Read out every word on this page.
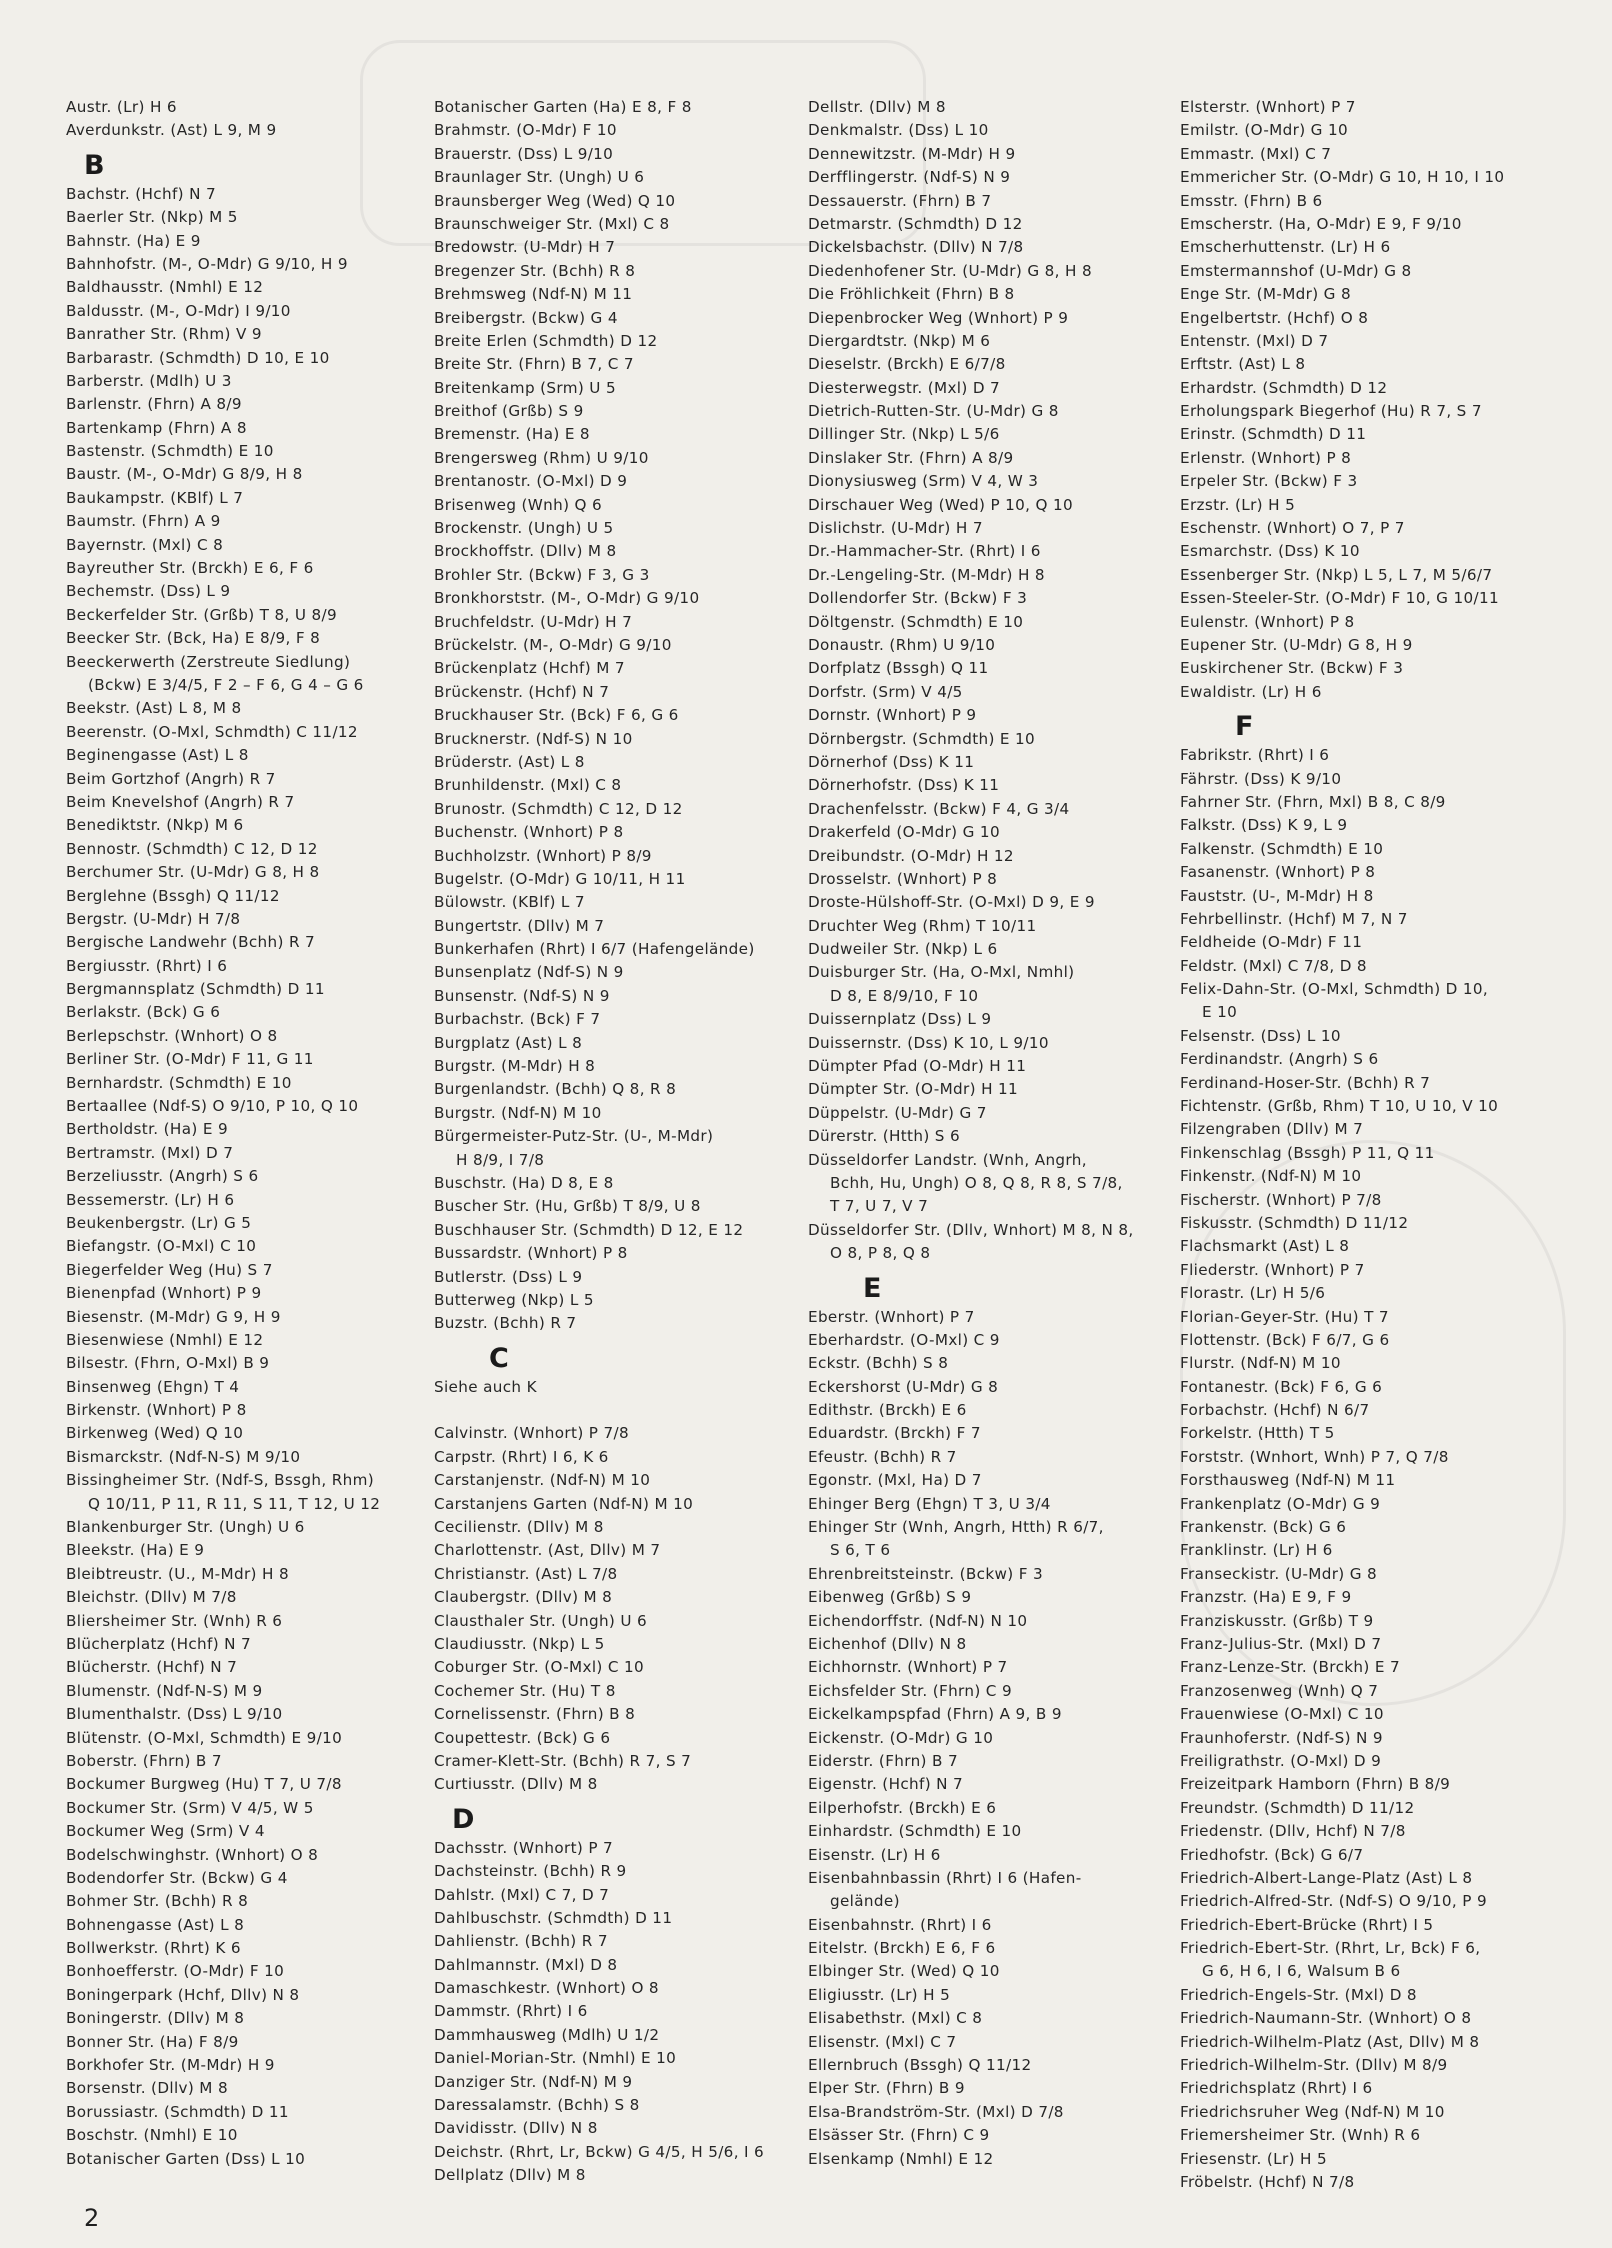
Austr. (Lr) H 6
Averdunkstr. (Ast) L 9, M 9
B
Bachstr. (Hchf) N 7
Baerler Str. (Nkp) M 5
Bahnstr. (Ha) E 9
Bahnhofstr. (M-, O-Mdr) G 9/10, H 9
Baldhausstr. (Nmhl) E 12
Baldusstr. (M-, O-Mdr) I 9/10
Banrather Str. (Rhm) V 9
Barbarastr. (Schmdth) D 10, E 10
Barberstr. (Mdlh) U 3
Barlenstr. (Fhrn) A 8/9
Bartenkamp (Fhrn) A 8
Bastenstr. (Schmdth) E 10
Baustr. (M-, O-Mdr) G 8/9, H 8
Baukampstr. (KBlf) L 7
Baumstr. (Fhrn) A 9
Bayernstr. (Mxl) C 8
Bayreuther Str. (Brckh) E 6, F 6
Bechemstr. (Dss) L 9
Beckerfelder Str. (Grßb) T 8, U 8/9
Beecker Str. (Bck, Ha) E 8/9, F 8
Beeckerwerth (Zerstreute Siedlung)
(Bckw) E 3/4/5, F 2 – F 6, G 4 – G 6
Beekstr. (Ast) L 8, M 8
Beerenstr. (O-Mxl, Schmdth) C 11/12
Beginengasse (Ast) L 8
Beim Gortzhof (Angrh) R 7
Beim Knevelshof (Angrh) R 7
Benediktstr. (Nkp) M 6
Bennostr. (Schmdth) C 12, D 12
Berchumer Str. (U-Mdr) G 8, H 8
Berglehne (Bssgh) Q 11/12
Bergstr. (U-Mdr) H 7/8
Bergische Landwehr (Bchh) R 7
Bergiusstr. (Rhrt) I 6
Bergmannsplatz (Schmdth) D 11
Berlakstr. (Bck) G 6
Berlepschstr. (Wnhort) O 8
Berliner Str. (O-Mdr) F 11, G 11
Bernhardstr. (Schmdth) E 10
Bertaallee (Ndf-S) O 9/10, P 10, Q 10
Bertholdstr. (Ha) E 9
Bertramstr. (Mxl) D 7
Berzeliusstr. (Angrh) S 6
Bessemerstr. (Lr) H 6
Beukenbergstr. (Lr) G 5
Biefangstr. (O-Mxl) C 10
Biegerfelder Weg (Hu) S 7
Bienenpfad (Wnhort) P 9
Biesenstr. (M-Mdr) G 9, H 9
Biesenwiese (Nmhl) E 12
Bilsestr. (Fhrn, O-Mxl) B 9
Binsenweg (Ehgn) T 4
Birkenstr. (Wnhort) P 8
Birkenweg (Wed) Q 10
Bismarckstr. (Ndf-N-S) M 9/10
Bissingheimer Str. (Ndf-S, Bssgh, Rhm)
Q 10/11, P 11, R 11, S 11, T 12, U 12
Blankenburger Str. (Ungh) U 6
Bleekstr. (Ha) E 9
Bleibtreustr. (U., M-Mdr) H 8
Bleichstr. (Dllv) M 7/8
Bliersheimer Str. (Wnh) R 6
Blücherplatz (Hchf) N 7
Blücherstr. (Hchf) N 7
Blumenstr. (Ndf-N-S) M 9
Blumenthalstr. (Dss) L 9/10
Blütenstr. (O-Mxl, Schmdth) E 9/10
Boberstr. (Fhrn) B 7
Bockumer Burgweg (Hu) T 7, U 7/8
Bockumer Str. (Srm) V 4/5, W 5
Bockumer Weg (Srm) V 4
Bodelschwinghstr. (Wnhort) O 8
Bodendorfer Str. (Bckw) G 4
Bohmer Str. (Bchh) R 8
Bohnengasse (Ast) L 8
Bollwerkstr. (Rhrt) K 6
Bonhoefferstr. (O-Mdr) F 10
Boningerpark (Hchf, Dllv) N 8
Boningerstr. (Dllv) M 8
Bonner Str. (Ha) F 8/9
Borkhofer Str. (M-Mdr) H 9
Borsenstr. (Dllv) M 8
Borussiastr. (Schmdth) D 11
Boschstr. (Nmhl) E 10
Botanischer Garten (Dss) L 10
Botanischer Garten (Ha) E 8, F 8
Brahmstr. (O-Mdr) F 10
Brauerstr. (Dss) L 9/10
Braunlager Str. (Ungh) U 6
Braunsberger Weg (Wed) Q 10
Braunschweiger Str. (Mxl) C 8
Bredowstr. (U-Mdr) H 7
Bregenzer Str. (Bchh) R 8
Brehmsweg (Ndf-N) M 11
Breibergstr. (Bckw) G 4
Breite Erlen (Schmdth) D 12
Breite Str. (Fhrn) B 7, C 7
Breitenkamp (Srm) U 5
Breithof (Grßb) S 9
Bremenstr. (Ha) E 8
Brengersweg (Rhm) U 9/10
Brentanostr. (O-Mxl) D 9
Brisenweg (Wnh) Q 6
Brockenstr. (Ungh) U 5
Brockhoffstr. (Dllv) M 8
Brohler Str. (Bckw) F 3, G 3
Bronkhorststr. (M-, O-Mdr) G 9/10
Bruchfeldstr. (U-Mdr) H 7
Brückelstr. (M-, O-Mdr) G 9/10
Brückenplatz (Hchf) M 7
Brückenstr. (Hchf) N 7
Bruckhauser Str. (Bck) F 6, G 6
Brucknerstr. (Ndf-S) N 10
Brüderstr. (Ast) L 8
Brunhildenstr. (Mxl) C 8
Brunostr. (Schmdth) C 12, D 12
Buchenstr. (Wnhort) P 8
Buchholzstr. (Wnhort) P 8/9
Bugelstr. (O-Mdr) G 10/11, H 11
Bülowstr. (KBlf) L 7
Bungertstr. (Dllv) M 7
Bunkerhafen (Rhrt) I 6/7 (Hafengelände)
Bunsenplatz (Ndf-S) N 9
Bunsenstr. (Ndf-S) N 9
Burbachstr. (Bck) F 7
Burgplatz (Ast) L 8
Burgstr. (M-Mdr) H 8
Burgenlandstr. (Bchh) Q 8, R 8
Burgstr. (Ndf-N) M 10
Bürgermeister-Putz-Str. (U-, M-Mdr)
H 8/9, I 7/8
Buschstr. (Ha) D 8, E 8
Buscher Str. (Hu, Grßb) T 8/9, U 8
Buschhauser Str. (Schmdth) D 12, E 12
Bussardstr. (Wnhort) P 8
Butlerstr. (Dss) L 9
Butterweg (Nkp) L 5
Buzstr. (Bchh) R 7
C
Siehe auch K
Calvinstr. (Wnhort) P 7/8
Carpstr. (Rhrt) I 6, K 6
Carstanjenstr. (Ndf-N) M 10
Carstanjens Garten (Ndf-N) M 10
Cecilienstr. (Dllv) M 8
Charlottenstr. (Ast, Dllv) M 7
Christianstr. (Ast) L 7/8
Claubergstr. (Dllv) M 8
Clausthaler Str. (Ungh) U 6
Claudiusstr. (Nkp) L 5
Coburger Str. (O-Mxl) C 10
Cochemer Str. (Hu) T 8
Cornelissenstr. (Fhrn) B 8
Coupettestr. (Bck) G 6
Cramer-Klett-Str. (Bchh) R 7, S 7
Curtiusstr. (Dllv) M 8
D
Dachsstr. (Wnhort) P 7
Dachsteinstr. (Bchh) R 9
Dahlstr. (Mxl) C 7, D 7
Dahlbuschstr. (Schmdth) D 11
Dahlienstr. (Bchh) R 7
Dahlmannstr. (Mxl) D 8
Damaschkestr. (Wnhort) O 8
Dammstr. (Rhrt) I 6
Dammhausweg (Mdlh) U 1/2
Daniel-Morian-Str. (Nmhl) E 10
Danziger Str. (Ndf-N) M 9
Daressalamstr. (Bchh) S 8
Davidisstr. (Dllv) N 8
Deichstr. (Rhrt, Lr, Bckw) G 4/5, H 5/6, I 6
Dellplatz (Dllv) M 8
Dellstr. (Dllv) M 8
Denkmalstr. (Dss) L 10
Dennewitzstr. (M-Mdr) H 9
Derfflingerstr. (Ndf-S) N 9
Dessauerstr. (Fhrn) B 7
Detmarstr. (Schmdth) D 12
Dickelsbachstr. (Dllv) N 7/8
Diedenhofener Str. (U-Mdr) G 8, H 8
Die Fröhlichkeit (Fhrn) B 8
Diepenbrocker Weg (Wnhort) P 9
Diergardtstr. (Nkp) M 6
Dieselstr. (Brckh) E 6/7/8
Diesterwegstr. (Mxl) D 7
Dietrich-Rutten-Str. (U-Mdr) G 8
Dillinger Str. (Nkp) L 5/6
Dinslaker Str. (Fhrn) A 8/9
Dionysiusweg (Srm) V 4, W 3
Dirschauer Weg (Wed) P 10, Q 10
Dislichstr. (U-Mdr) H 7
Dr.-Hammacher-Str. (Rhrt) I 6
Dr.-Lengeling-Str. (M-Mdr) H 8
Dollendorfer Str. (Bckw) F 3
Döltgenstr. (Schmdth) E 10
Donaustr. (Rhm) U 9/10
Dorfplatz (Bssgh) Q 11
Dorfstr. (Srm) V 4/5
Dornstr. (Wnhort) P 9
Dörnbergstr. (Schmdth) E 10
Dörnerhof (Dss) K 11
Dörnerhofstr. (Dss) K 11
Drachenfelsstr. (Bckw) F 4, G 3/4
Drakerfeld (O-Mdr) G 10
Dreibundstr. (O-Mdr) H 12
Drosselstr. (Wnhort) P 8
Droste-Hülshoff-Str. (O-Mxl) D 9, E 9
Druchter Weg (Rhm) T 10/11
Dudweiler Str. (Nkp) L 6
Duisburger Str. (Ha, O-Mxl, Nmhl)
D 8, E 8/9/10, F 10
Duissernplatz (Dss) L 9
Duissernstr. (Dss) K 10, L 9/10
Dümpter Pfad (O-Mdr) H 11
Dümpter Str. (O-Mdr) H 11
Düppelstr. (U-Mdr) G 7
Dürerstr. (Htth) S 6
Düsseldorfer Landstr. (Wnh, Angrh,
Bchh, Hu, Ungh) O 8, Q 8, R 8, S 7/8,
T 7, U 7, V 7
Düsseldorfer Str. (Dllv, Wnhort) M 8, N 8,
O 8, P 8, Q 8
E
Eberstr. (Wnhort) P 7
Eberhardstr. (O-Mxl) C 9
Eckstr. (Bchh) S 8
Eckershorst (U-Mdr) G 8
Edithstr. (Brckh) E 6
Eduardstr. (Brckh) F 7
Efeustr. (Bchh) R 7
Egonstr. (Mxl, Ha) D 7
Ehinger Berg (Ehgn) T 3, U 3/4
Ehinger Str (Wnh, Angrh, Htth) R 6/7,
S 6, T 6
Ehrenbreitsteinstr. (Bckw) F 3
Eibenweg (Grßb) S 9
Eichendorffstr. (Ndf-N) N 10
Eichenhof (Dllv) N 8
Eichhornstr. (Wnhort) P 7
Eichsfelder Str. (Fhrn) C 9
Eickelkampspfad (Fhrn) A 9, B 9
Eickenstr. (O-Mdr) G 10
Eiderstr. (Fhrn) B 7
Eigenstr. (Hchf) N 7
Eilperhofstr. (Brckh) E 6
Einhardstr. (Schmdth) E 10
Eisenstr. (Lr) H 6
Eisenbahnbassin (Rhrt) I 6 (Hafen-
gelände)
Eisenbahnstr. (Rhrt) I 6
Eitelstr. (Brckh) E 6, F 6
Elbinger Str. (Wed) Q 10
Eligiusstr. (Lr) H 5
Elisabethstr. (Mxl) C 8
Elisenstr. (Mxl) C 7
Ellernbruch (Bssgh) Q 11/12
Elper Str. (Fhrn) B 9
Elsa-Brandström-Str. (Mxl) D 7/8
Elsässer Str. (Fhrn) C 9
Elsenkamp (Nmhl) E 12
Elsterstr. (Wnhort) P 7
Emilstr. (O-Mdr) G 10
Emmastr. (Mxl) C 7
Emmericher Str. (O-Mdr) G 10, H 10, I 10
Emsstr. (Fhrn) B 6
Emscherstr. (Ha, O-Mdr) E 9, F 9/10
Emscherhuttenstr. (Lr) H 6
Emstermannshof (U-Mdr) G 8
Enge Str. (M-Mdr) G 8
Engelbertstr. (Hchf) O 8
Entenstr. (Mxl) D 7
Erftstr. (Ast) L 8
Erhardstr. (Schmdth) D 12
Erholungspark Biegerhof (Hu) R 7, S 7
Erinstr. (Schmdth) D 11
Erlenstr. (Wnhort) P 8
Erpeler Str. (Bckw) F 3
Erzstr. (Lr) H 5
Eschenstr. (Wnhort) O 7, P 7
Esmarchstr. (Dss) K 10
Essenberger Str. (Nkp) L 5, L 7, M 5/6/7
Essen-Steeler-Str. (O-Mdr) F 10, G 10/11
Eulenstr. (Wnhort) P 8
Eupener Str. (U-Mdr) G 8, H 9
Euskirchener Str. (Bckw) F 3
Ewaldistr. (Lr) H 6
F
Fabrikstr. (Rhrt) I 6
Fährstr. (Dss) K 9/10
Fahrner Str. (Fhrn, Mxl) B 8, C 8/9
Falkstr. (Dss) K 9, L 9
Falkenstr. (Schmdth) E 10
Fasanenstr. (Wnhort) P 8
Fauststr. (U-, M-Mdr) H 8
Fehrbellinstr. (Hchf) M 7, N 7
Feldheide (O-Mdr) F 11
Feldstr. (Mxl) C 7/8, D 8
Felix-Dahn-Str. (O-Mxl, Schmdth) D 10,
E 10
Felsenstr. (Dss) L 10
Ferdinandstr. (Angrh) S 6
Ferdinand-Hoser-Str. (Bchh) R 7
Fichtenstr. (Grßb, Rhm) T 10, U 10, V 10
Filzengraben (Dllv) M 7
Finkenschlag (Bssgh) P 11, Q 11
Finkenstr. (Ndf-N) M 10
Fischerstr. (Wnhort) P 7/8
Fiskusstr. (Schmdth) D 11/12
Flachsmarkt (Ast) L 8
Fliederstr. (Wnhort) P 7
Florastr. (Lr) H 5/6
Florian-Geyer-Str. (Hu) T 7
Flottenstr. (Bck) F 6/7, G 6
Flurstr. (Ndf-N) M 10
Fontanestr. (Bck) F 6, G 6
Forbachstr. (Hchf) N 6/7
Forkelstr. (Htth) T 5
Forststr. (Wnhort, Wnh) P 7, Q 7/8
Forsthausweg (Ndf-N) M 11
Frankenplatz (O-Mdr) G 9
Frankenstr. (Bck) G 6
Franklinstr. (Lr) H 6
Franseckistr. (U-Mdr) G 8
Franzstr. (Ha) E 9, F 9
Franziskusstr. (Grßb) T 9
Franz-Julius-Str. (Mxl) D 7
Franz-Lenze-Str. (Brckh) E 7
Franzosenweg (Wnh) Q 7
Frauenwiese (O-Mxl) C 10
Fraunhoferstr. (Ndf-S) N 9
Freiligrathstr. (O-Mxl) D 9
Freizeitpark Hamborn (Fhrn) B 8/9
Freundstr. (Schmdth) D 11/12
Friedenstr. (Dllv, Hchf) N 7/8
Friedhofstr. (Bck) G 6/7
Friedrich-Albert-Lange-Platz (Ast) L 8
Friedrich-Alfred-Str. (Ndf-S) O 9/10, P 9
Friedrich-Ebert-Brücke (Rhrt) I 5
Friedrich-Ebert-Str. (Rhrt, Lr, Bck) F 6,
G 6, H 6, I 6, Walsum B 6
Friedrich-Engels-Str. (Mxl) D 8
Friedrich-Naumann-Str. (Wnhort) O 8
Friedrich-Wilhelm-Platz (Ast, Dllv) M 8
Friedrich-Wilhelm-Str. (Dllv) M 8/9
Friedrichsplatz (Rhrt) I 6
Friedrichsruher Weg (Ndf-N) M 10
Friemersheimer Str. (Wnh) R 6
Friesenstr. (Lr) H 5
Fröbelstr. (Hchf) N 7/8
2
